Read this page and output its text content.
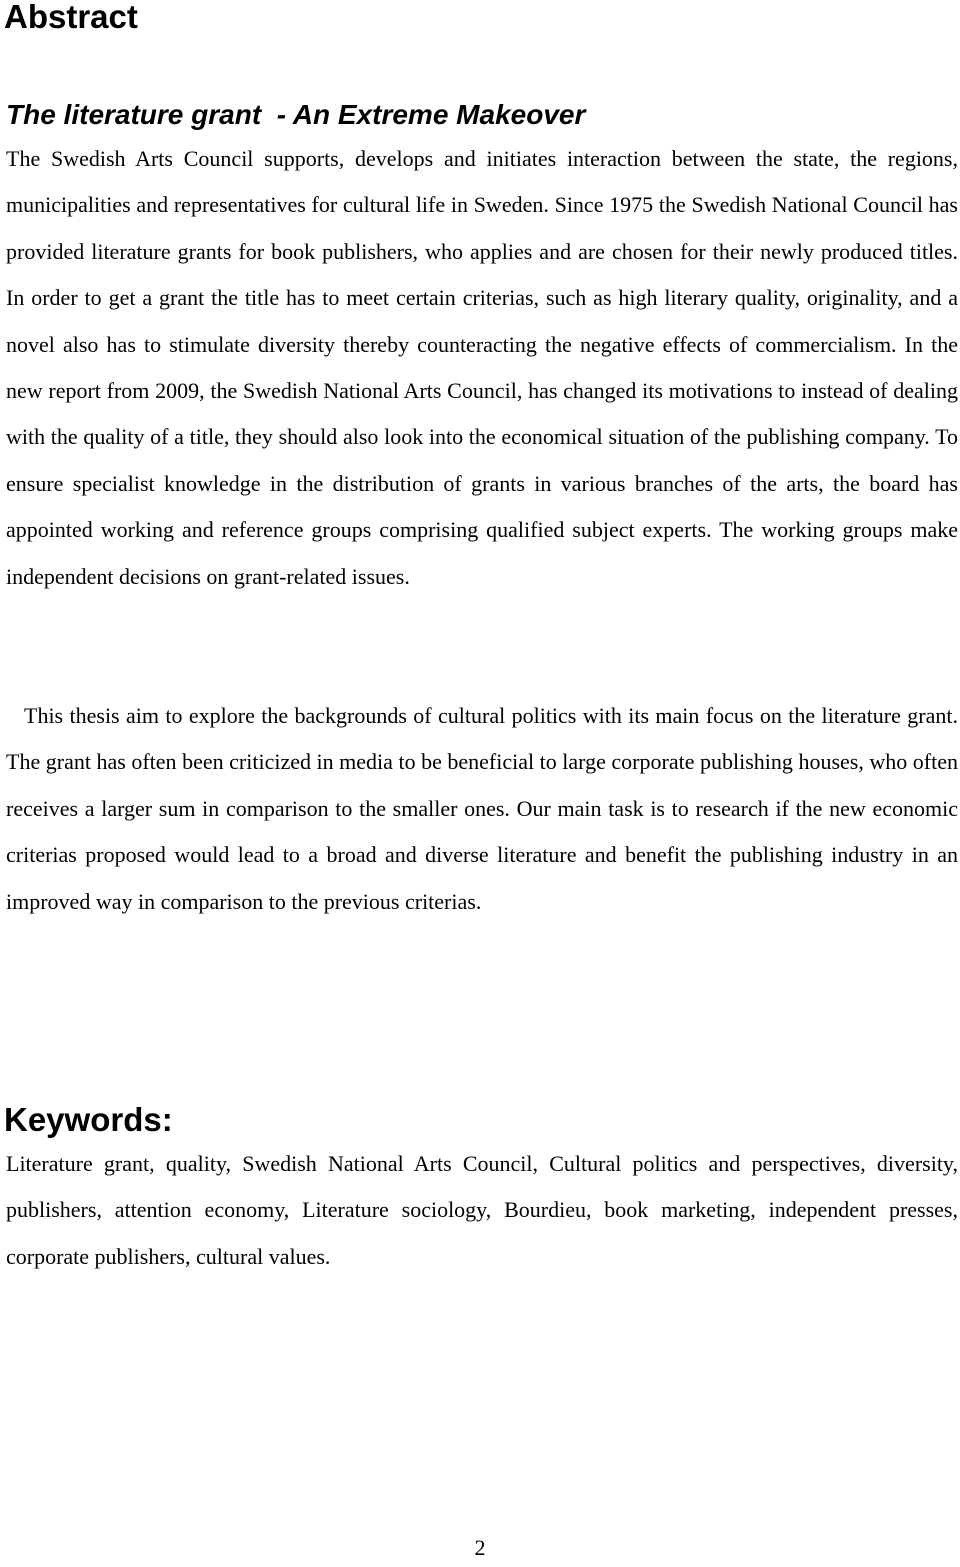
Abstract
The literature grant  - An Extreme Makeover

The Swedish Arts Council supports, develops and initiates interaction between the state, the regions, municipalities and representatives for cultural life in Sweden. Since 1975 the Swedish National Council has provided literature grants for book publishers, who applies and are chosen for their newly produced titles. In order to get a grant the title has to meet certain criterias, such as high literary quality, originality, and a novel also has to stimulate diversity thereby counteracting the negative effects of commercialism. In the new report from 2009, the Swedish National Arts Council, has changed its motivations to instead of dealing with the quality of a title, they should also look into the economical situation of the publishing company. To ensure specialist knowledge in the distribution of grants in various branches of the arts, the board has appointed working and reference groups comprising qualified subject experts. The working groups make independent decisions on grant-related issues.

This thesis aim to explore the backgrounds of cultural politics with its main focus on the literature grant. The grant has often been criticized in media to be beneficial to large corporate publishing houses, who often receives a larger sum in comparison to the smaller ones. Our main task is to research if the new economic criterias proposed would lead to a broad and diverse literature and benefit the publishing industry in an improved way in comparison to the previous criterias.

Keywords:

Literature grant, quality, Swedish National Arts Council, Cultural politics and perspectives, diversity, publishers, attention economy, Literature sociology, Bourdieu, book marketing, independent presses, corporate publishers, cultural values.

2
